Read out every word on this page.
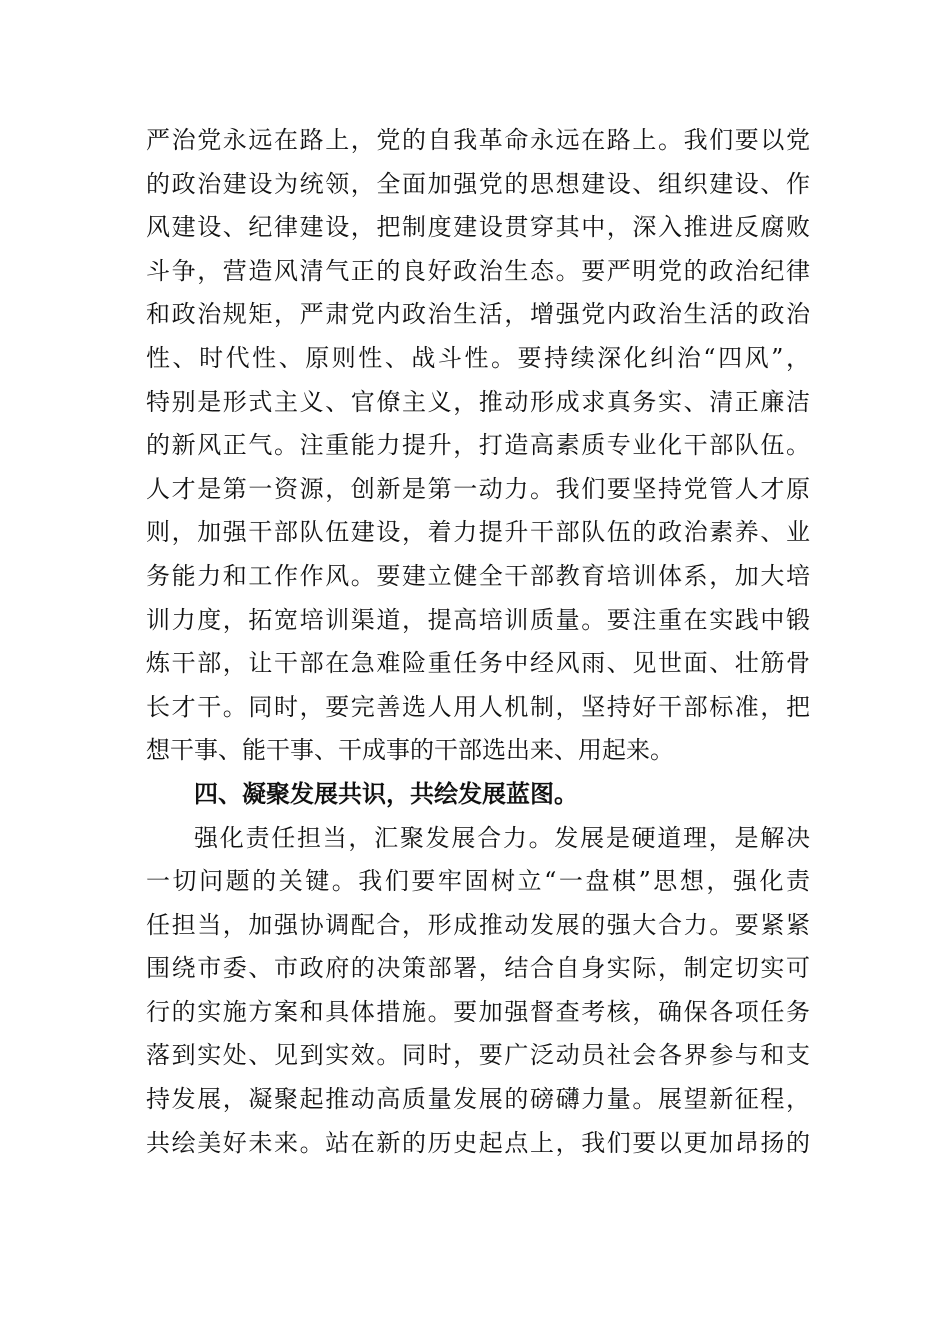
严治党永远在路上，党的自我革命永远在路上。我们要以党
的政治建设为统领，全面加强党的思想建设、组织建设、作
风建设、纪律建设，把制度建设贯穿其中，深入推进反腐败
斗争，营造风清气正的良好政治生态。要严明党的政治纪律
和政治规矩，严肃党内政治生活，增强党内政治生活的政治
性、时代性、原则性、战斗性。要持续深化纠治“四风”，
特别是形式主义、官僚主义，推动形成求真务实、清正廉洁
的新风正气。注重能力提升，打造高素质专业化干部队伍。
人才是第一资源，创新是第一动力。我们要坚持党管人才原
则，加强干部队伍建设，着力提升干部队伍的政治素养、业
务能力和工作作风。要建立健全干部教育培训体系，加大培
训力度，拓宽培训渠道，提高培训质量。要注重在实践中锻
炼干部，让干部在急难险重任务中经风雨、见世面、壮筋骨
长才干。同时，要完善选人用人机制，坚持好干部标准，把
想干事、能干事、干成事的干部选出来、用起来。
四、凝聚发展共识，共绘发展蓝图。
强化责任担当，汇聚发展合力。发展是硬道理，是解决
一切问题的关键。我们要牢固树立“一盘棋”思想，强化责
任担当，加强协调配合，形成推动发展的强大合力。要紧紧
围绕市委、市政府的决策部署，结合自身实际，制定切实可
行的实施方案和具体措施。要加强督查考核，确保各项任务
落到实处、见到实效。同时，要广泛动员社会各界参与和支
持发展，凝聚起推动高质量发展的磅礴力量。展望新征程，
共绘美好未来。站在新的历史起点上，我们要以更加昂扬的
